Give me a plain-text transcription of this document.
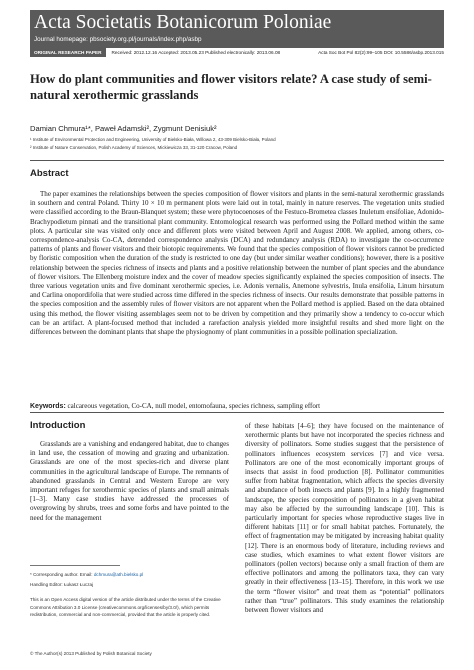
Acta Societatis Botanicorum Poloniae
Journal homepage: pbsociety.org.pl/journals/index.php/asbp
ORIGINAL RESEARCH PAPER	Received: 2012.12.16 Accepted: 2013.05.23 Published electronically: 2013.06.08	Acta Soc Bot Pol 82(2):99–105 DOI: 10.5586/asbp.2013.015
How do plant communities and flower visitors relate? A case study of semi-natural xerothermic grasslands
Damian Chmura¹*, Paweł Adamski², Zygmunt Denisiuk²
¹ Institute of Environmental Protection and Engineering, University of Bielsko-Biała, Willowa 2, 43-309 Bielsko-Biała, Poland
² Institute of Nature Conservation, Polish Academy of Sciences, Mickiewicza 33, 31-120 Cracow, Poland
Abstract

The paper examines the relationships between the species composition of flower visitors and plants in the semi-natural xerothermic grasslands in southern and central Poland. Thirty 10 × 10 m permanent plots were laid out in total, mainly in nature reserves. The vegetation units studied were classified according to the Braun-Blanquet system; these were phytocoenoses of the Festuco-Brometea classes Inuletum ensifoliae, Adonido-Brachypodietum pinnati and the transitional plant community. Entomological research was performed using the Pollard method within the same plots. A particular site was visited only once and different plots were visited between April and August 2008. We applied, among others, co-correspondence-analysis Co-CA, detrended correspondence analysis (DCA) and redundancy analysis (RDA) to investigate the co-occurrence patterns of plants and flower visitors and their biotopic requirements. We found that the species composition of flower visitors cannot be predicted by floristic composition when the duration of the study is restricted to one day (but under similar weather conditions); however, there is a positive relationship between the species richness of insects and plants and a positive relationship between the number of plant species and the abundance of flower visitors. The Ellenberg moisture index and the cover of meadow species significantly explained the species composition of insects. The three various vegetation units and five dominant xerothermic species, i.e. Adonis vernalis, Anemone sylvestris, Inula ensifolia, Linum hirsutum and Carlina onopordifolia that were studied across time differed in the species richness of insects. Our results demonstrate that possible patterns in the species composition and the assembly rules of flower visitors are not apparent when the Pollard method is applied. Based on the data obtained using this method, the flower visiting assemblages seem not to be driven by competition and they primarily show a tendency to co-occur which can be an artifact. A plant-focused method that included a rarefaction analysis yielded more insightful results and shed more light on the differences between the dominant plants that shape the physiognomy of plant communities in a possible pollination specialization.

Keywords: calcareous vegetation, Co-CA, null model, entomofauna, species richness, sampling effort
Introduction

Grasslands are a vanishing and endangered habitat, due to changes in land use, the cessation of mowing and grazing and urbanization. Grasslands are one of the most species-rich and diverse plant communities in the agricultural landscape of Europe. The remnants of abandoned grasslands in Central and Western Europe are very important refuges for xerothermic species of plants and small animals [1–3]. Many case studies have addressed the processes of overgrowing by shrubs, trees and some forbs and have pointed to the need for the management

of these habitats [4–6]; they have focused on the maintenance of xerothermic plants but have not incorporated the species richness and diversity of pollinators. Some studies suggest that the persistence of pollinators influences ecosystem services [7] and vice versa. Pollinators are one of the most economically important groups of insects that assist in food production [8]. Pollinator communities suffer from habitat fragmentation, which affects the species diversity and abundance of both insects and plants [9]. In a highly fragmented landscape, the species composition of pollinators in a given habitat may also be affected by the surrounding landscape [10]. This is particularly important for species whose reproductive stages live in different habitats [11] or for small habitat patches. Fortunately, the effect of fragmentation may be mitigated by increasing habitat quality [12]. There is an enormous body of literature, including reviews and case studies, which examines to what extent flower visitors are pollinators (pollen vectors) because only a small fraction of them are effective pollinators and among the pollinators taxa, they can vary greatly in their effectiveness [13–15]. Therefore, in this work we use the term “flower visitor” and treat them as “potential” pollinators rather than “true” pollinators. This study examines the relationship between flower visitors and

* Corresponding author. Email: dchmura@ath.bielsko.pl
Handling Editor: Łukasz Łuczaj
This is an Open Access digital version of the article distributed under the terms of the Creative Commons Attribution 3.0 License (creativecommons.org/licenses/by/3.0/), which permits redistribution, commercial and non-commercial, provided that the article is properly cited.
© The Author(s) 2013 Published by Polish Botanical Society
